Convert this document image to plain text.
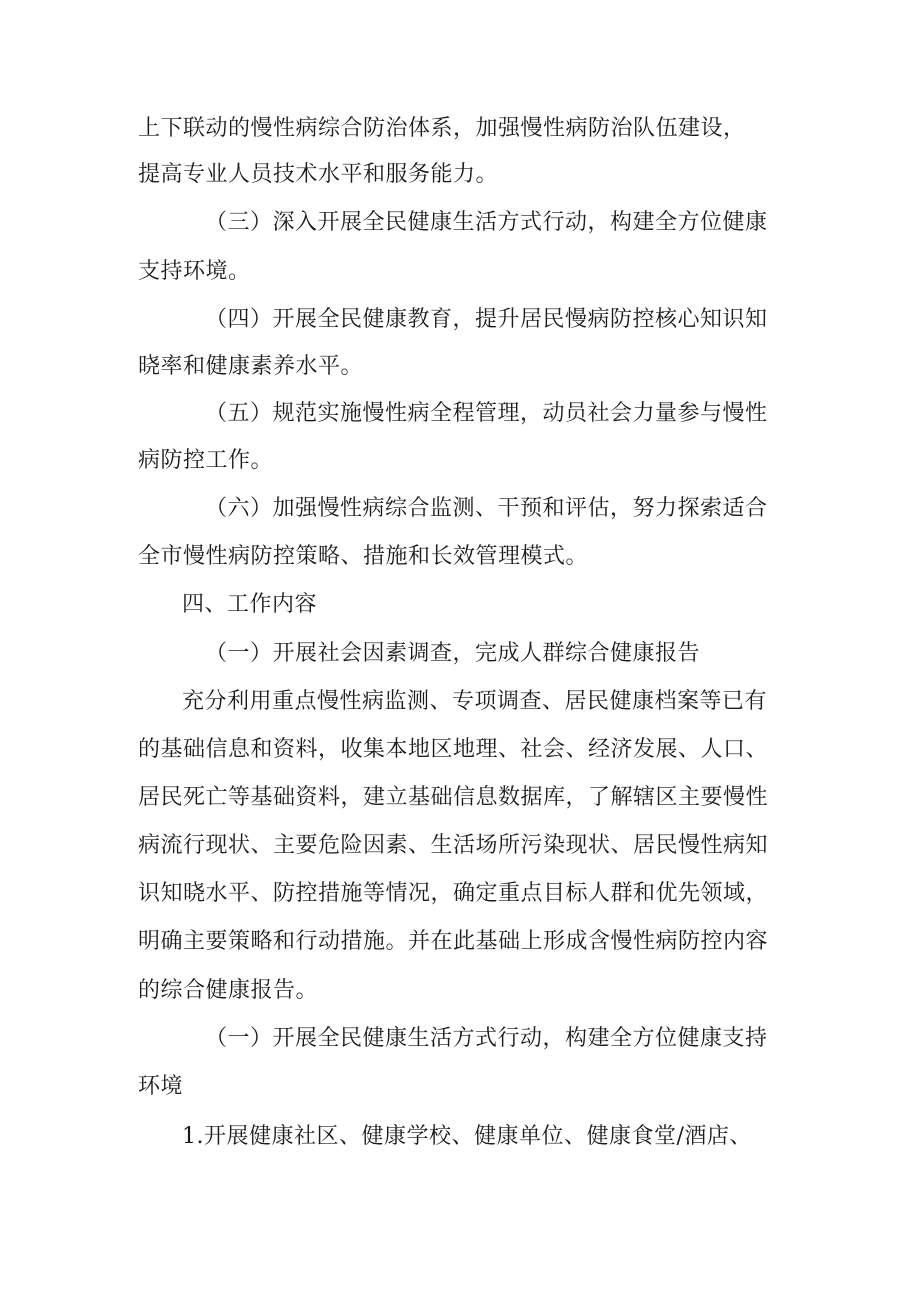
上下联动的慢性病综合防治体系，加强慢性病防治队伍建设，
提高专业人员技术水平和服务能力。
（三）深入开展全民健康生活方式行动，构建全方位健康
支持环境。
（四）开展全民健康教育，提升居民慢病防控核心知识知
晓率和健康素养水平。
（五）规范实施慢性病全程管理，动员社会力量参与慢性
病防控工作。
（六）加强慢性病综合监测、干预和评估，努力探索适合
全市慢性病防控策略、措施和长效管理模式。
四、工作内容
（一）开展社会因素调查，完成人群综合健康报告
充分利用重点慢性病监测、专项调查、居民健康档案等已有
的基础信息和资料，收集本地区地理、社会、经济发展、人口、
居民死亡等基础资料，建立基础信息数据库，了解辖区主要慢性
病流行现状、主要危险因素、生活场所污染现状、居民慢性病知
识知晓水平、防控措施等情况，确定重点目标人群和优先领域，
明确主要策略和行动措施。并在此基础上形成含慢性病防控内容
的综合健康报告。
（一）开展全民健康生活方式行动，构建全方位健康支持
环境
1.开展健康社区、健康学校、健康单位、健康食堂/酒店、
